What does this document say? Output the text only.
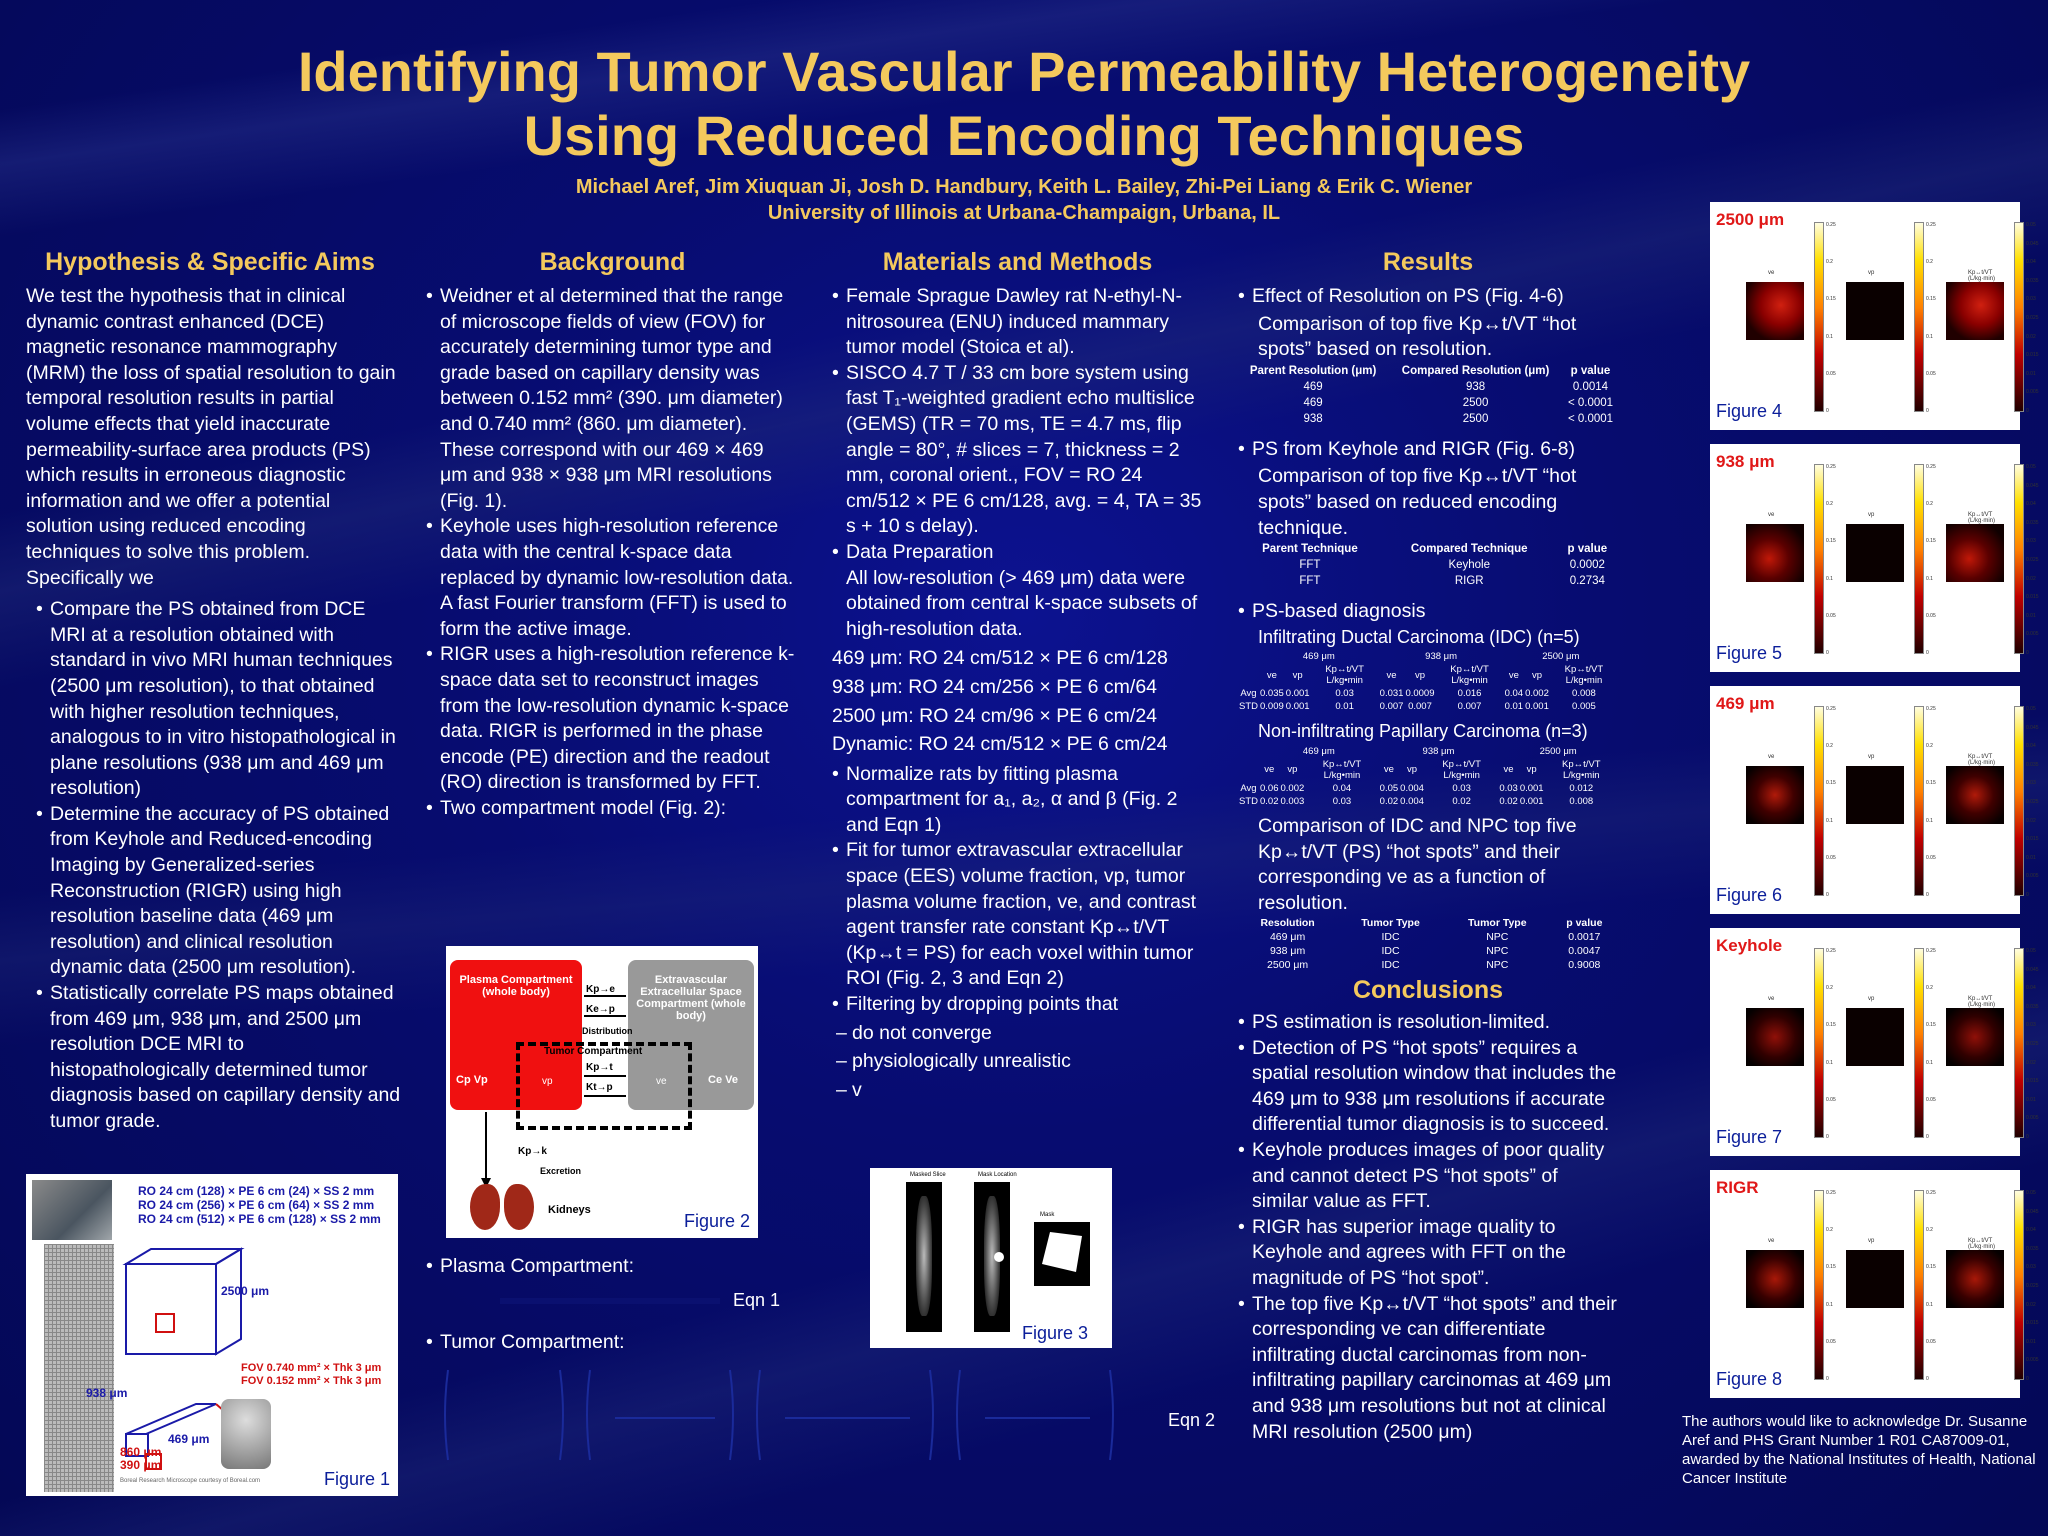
Identifying Tumor Vascular Permeability Heterogeneity
Using Reduced Encoding Techniques
Michael Aref, Jim Xiuquan Ji, Josh D. Handbury, Keith L. Bailey, Zhi-Pei Liang & Erik C. Wiener
University of Illinois at Urbana-Champaign, Urbana, IL
Hypothesis & Specific Aims

We test the hypothesis that in clinical dynamic contrast enhanced (DCE) magnetic resonance mammography (MRM) the loss of spatial resolution to gain temporal resolution results in partial volume effects that yield inaccurate permeability-surface area products (PS) which results in erroneous diagnostic information and we offer a potential solution using reduced encoding techniques to solve this problem. Specifically we

• Compare the PS obtained from DCE MRI at a resolution obtained with standard in vivo MRI human techniques (2500 μm resolution), to that obtained with higher resolution techniques, analogous to in vitro histopathological in plane resolutions (938 μm and 469 μm resolution)

• Determine the accuracy of PS obtained from Keyhole and Reduced-encoding Imaging by Generalized-series Reconstruction (RIGR) using high resolution baseline data (469 μm resolution) and clinical resolution dynamic data (2500 μm resolution).

• Statistically correlate PS maps obtained from 469 μm, 938 μm, and 2500 μm resolution DCE MRI to histopathologically determined tumor diagnosis based on capillary density and tumor grade.

RO 24 cm (128) × PE 6 cm (24) × SS 2 mm
RO 24 cm (256) × PE 6 cm (64) × SS 2 mm
RO 24 cm (512) × PE 6 cm (128) × SS 2 mm
2500 μm
938 μm
469 μm
860 μm
390 μm
FOV 0.740 mm² × Thk 3 μm
FOV 0.152 mm² × Thk 3 μm
Boreal Research Microscope courtesy of Boreal.com	Figure 1
Background

• Weidner et al determined that the range of microscope fields of view (FOV) for accurately determining tumor type and grade based on capillary density was between 0.152 mm² (390. μm diameter) and 0.740 mm² (860. μm diameter). These correspond with our 469 × 469 μm and 938 × 938 μm MRI resolutions (Fig. 1).

• Keyhole uses high-resolution reference data with the central k-space data replaced by dynamic low-resolution data. A fast Fourier transform (FFT) is used to form the active image.

• RIGR uses a high-resolution reference k-space data set to reconstruct images from the low-resolution dynamic k-space data. RIGR is performed in the phase encode (PE) direction and the readout (RO) direction is transformed by FFT.

• Two compartment model (Fig. 2):

Plasma Compartment (whole body)
Extravascular Extracellular Space Compartment (whole body)
Tumor Compartment
Kp→e
Ke→p
Distribution
Kp→t
Kt→p
Cp Vp	vp	ve	Ce Ve
Kp→k
Excretion
Kidneys
Figure 2

• Plasma Compartment:

Eqn 1

• Tumor Compartment:

Eqn 2
Materials and Methods

• Female Sprague Dawley rat N-ethyl-N-nitrosourea (ENU) induced mammary tumor model (Stoica et al).

• SISCO 4.7 T / 33 cm bore system using fast T₁-weighted gradient echo multislice (GEMS) (TR = 70 ms, TE = 4.7 ms, flip angle = 80°, # slices = 7, thickness = 2 mm, coronal orient., FOV = RO 24 cm/512 × PE 6 cm/128, avg. = 4, TA = 35 s + 10 s delay).

• Data Preparation

All low-resolution (> 469 μm) data were obtained from central k-space subsets of high-resolution data.

469 μm: RO 24 cm/512 × PE 6 cm/128

938 μm: RO 24 cm/256 × PE 6 cm/64

2500 μm: RO 24 cm/96 × PE 6 cm/24

Dynamic: RO 24 cm/512 × PE 6 cm/24

• Normalize rats by fitting plasma compartment for a₁, a₂, α and β (Fig. 2 and Eqn 1)

• Fit for tumor extravascular extracellular space (EES) volume fraction, vp, tumor plasma volume fraction, ve, and contrast agent transfer rate constant Kp↔t/VT (Kp↔t = PS) for each voxel within tumor ROI (Fig. 2, 3 and Eqn 2)

• Filtering by dropping points that

– do not converge

– physiologically unrealistic

– v

Masked Slice	Mask Location
Mask
Figure 3
Results

• Effect of Resolution on PS (Fig. 4-6)

Comparison of top five Kp↔t/VT “hot spots” based on resolution.

Parent Resolution (μm)	Compared Resolution (μm)	p value
469	938	0.0014
469	2500	< 0.0001
938	2500	< 0.0001

• PS from Keyhole and RIGR (Fig. 6-8)

Comparison of top five Kp↔t/VT “hot spots” based on reduced encoding technique.

Parent Technique	Compared Technique	p value
FFT	Keyhole	0.0002
FFT	RIGR	0.2734

• PS-based diagnosis

Infiltrating Ductal Carcinoma (IDC) (n=5)

	469 μm			938 μm			2500 μm		
	ve	vp	Kp↔t/VT L/kg•min	ve	vp	Kp↔t/VT L/kg•min	ve	vp	Kp↔t/VT L/kg•min
Avg	0.035	0.001	0.03	0.031	0.0009	0.016	0.04	0.002	0.008
STD	0.009	0.001	0.01	0.007	0.007	0.007	0.01	0.001	0.005

Non-infiltrating Papillary Carcinoma (n=3)

	469 μm			938 μm			2500 μm		
	ve	vp	Kp↔t/VT L/kg•min	ve	vp	Kp↔t/VT L/kg•min	ve	vp	Kp↔t/VT L/kg•min
Avg	0.06	0.002	0.04	0.05	0.004	0.03	0.03	0.001	0.012
STD	0.02	0.003	0.03	0.02	0.004	0.02	0.02	0.001	0.008

Comparison of IDC and NPC top five Kp↔t/VT (PS) “hot spots” and their corresponding ve as a function of resolution.

Resolution	Tumor Type	Tumor Type	p value
469 μm	IDC	NPC	0.0017
938 μm	IDC	NPC	0.0047
2500 μm	IDC	NPC	0.9008
Conclusions

• PS estimation is resolution-limited.

• Detection of PS “hot spots” requires a spatial resolution window that includes the 469 μm to 938 μm resolutions if accurate differential tumor diagnosis is to succeed.

• Keyhole produces images of poor quality and cannot detect PS “hot spots” of similar value as FFT.

• RIGR has superior image quality to Keyhole and agrees with FFT on the magnitude of PS “hot spot”.

• The top five Kp↔t/VT “hot spots” and their corresponding ve can differentiate infiltrating ductal carcinomas from non-infiltrating papillary carcinomas at 469 μm and 938 μm resolutions but not at clinical MRI resolution (2500 μm)

2500 μm
Figure 4
ve
0.25
0.2
0.15
0.1
0.05
0
vp
0.25
0.2
0.15
0.1
0.05
0
Kp↔t/VT (L/kg·min)
0.05
0.045
0.04
0.035
0.03
0.025
0.02
0.015
0.01
0.005
0
938 μm
Figure 5
ve
0.25
0.2
0.15
0.1
0.05
0
vp
0.25
0.2
0.15
0.1
0.05
0
Kp↔t/VT (L/kg·min)
0.05
0.045
0.04
0.035
0.03
0.025
0.02
0.015
0.01
0.005
0
469 μm
Figure 6
ve
0.25
0.2
0.15
0.1
0.05
0
vp
0.25
0.2
0.15
0.1
0.05
0
Kp↔t/VT (L/kg·min)
0.05
0.045
0.04
0.035
0.03
0.025
0.02
0.015
0.01
0.005
0
Keyhole
Figure 7
ve
0.25
0.2
0.15
0.1
0.05
0
vp
0.25
0.2
0.15
0.1
0.05
0
Kp↔t/VT (L/kg·min)
0.05
0.045
0.04
0.035
0.03
0.025
0.02
0.015
0.01
0.005
0
RIGR
Figure 8
ve
0.25
0.2
0.15
0.1
0.05
0
vp
0.25
0.2
0.15
0.1
0.05
0
Kp↔t/VT (L/kg·min)
0.05
0.045
0.04
0.035
0.03
0.025
0.02
0.015
0.01
0.005
0
The authors would like to acknowledge Dr. Susanne Aref and PHS Grant Number 1 R01 CA87009-01, awarded by the National Institutes of Health, National Cancer Institute
